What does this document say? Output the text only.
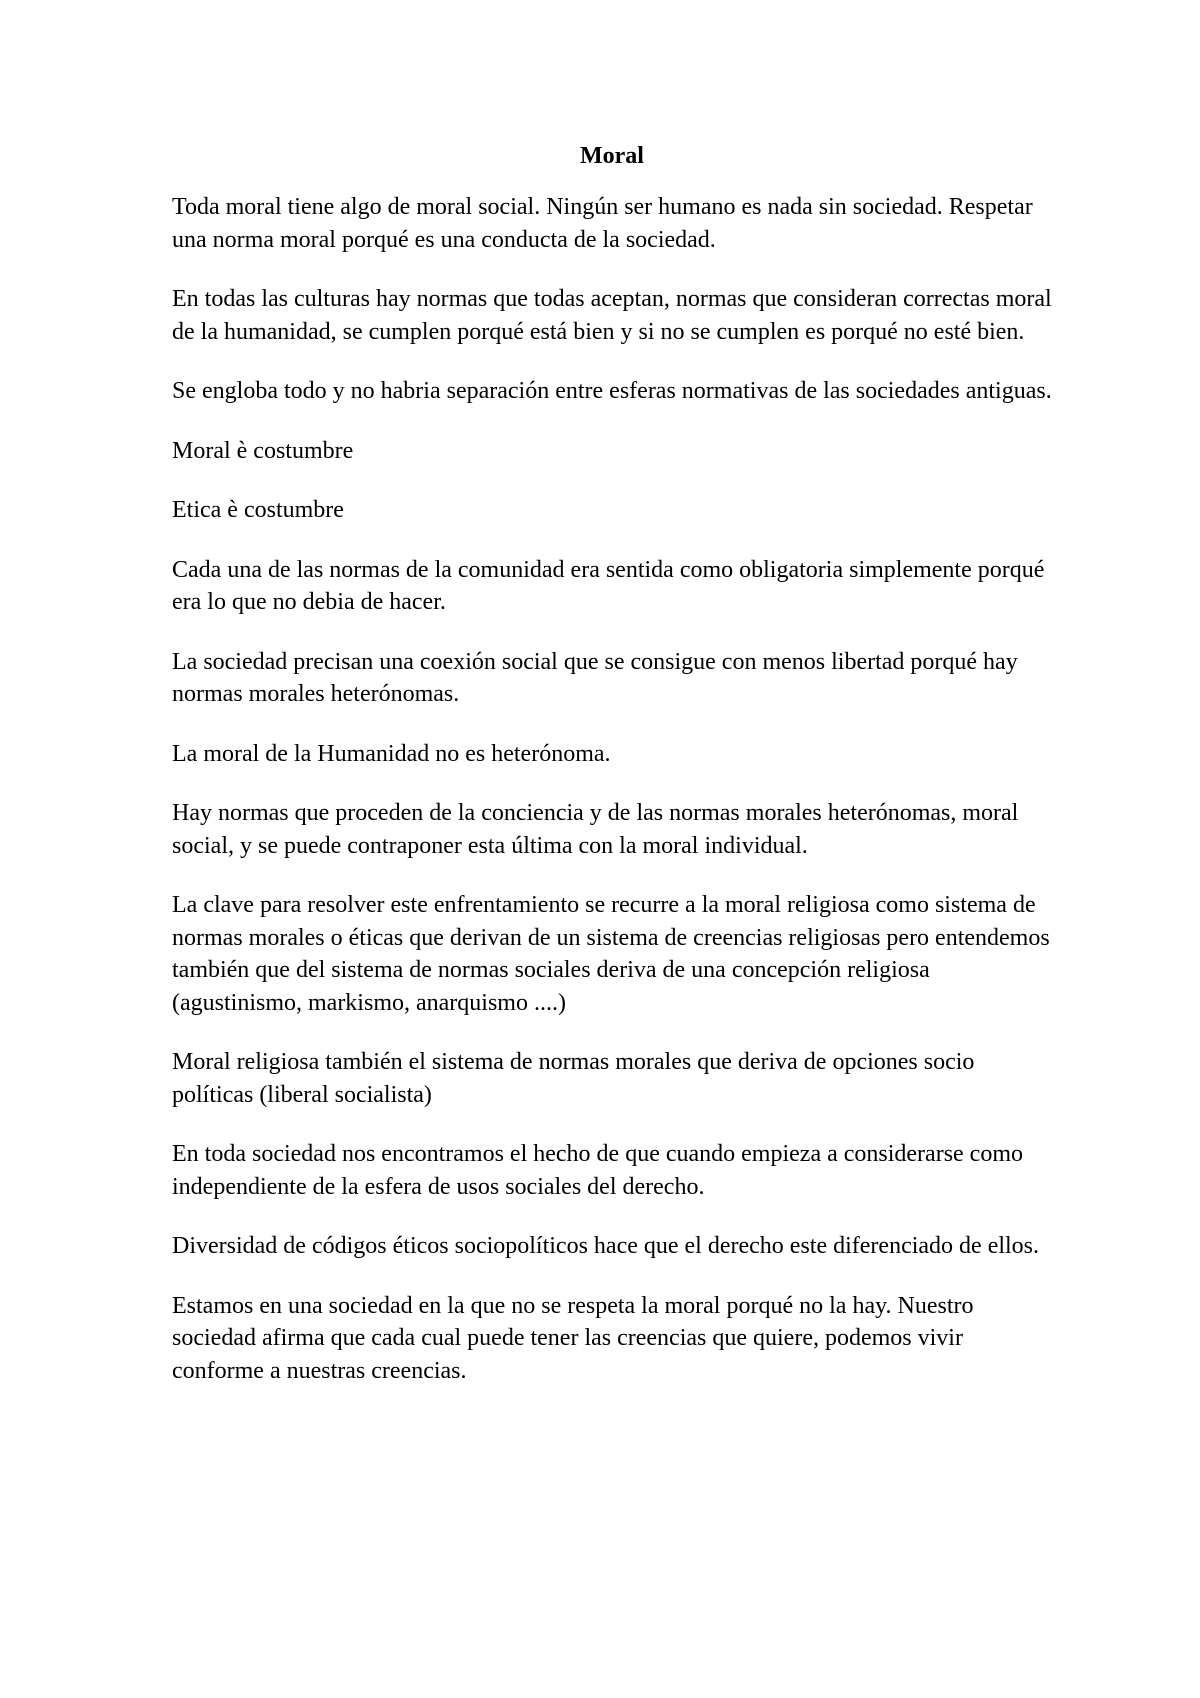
Moral

Toda moral tiene algo de moral social. Ningún ser humano es nada sin sociedad. Respetar una norma moral porqué es una conducta de la sociedad.

En todas las culturas hay normas que todas aceptan, normas que consideran correctas moral de la humanidad, se cumplen porqué está bien y si no se cumplen es porqué no esté bien.

Se engloba todo y no habria separación entre esferas normativas de las sociedades antiguas.

Moral è costumbre

Etica è costumbre

Cada una de las normas de la comunidad era sentida como obligatoria simplemente porqué era lo que no debia de hacer.

La sociedad precisan una coexión social que se consigue con menos libertad porqué hay normas morales heterónomas.

La moral de la Humanidad no es heterónoma.

Hay normas que proceden de la conciencia y de las normas morales heterónomas, moral social, y se puede contraponer esta última con la moral individual.

La clave para resolver este enfrentamiento se recurre a la moral religiosa como sistema de normas morales o éticas que derivan de un sistema de creencias religiosas pero entendemos también que del sistema de normas sociales deriva de una concepción religiosa (agustinismo, markismo, anarquismo ....)

Moral religiosa también el sistema de normas morales que deriva de opciones socio políticas (liberal socialista)

En toda sociedad nos encontramos el hecho de que cuando empieza a considerarse como independiente de la esfera de usos sociales del derecho.

Diversidad de códigos éticos sociopolíticos hace que el derecho este diferenciado de ellos.

Estamos en una sociedad en la que no se respeta la moral porqué no la hay. Nuestro sociedad afirma que cada cual puede tener las creencias que quiere, podemos vivir conforme a nuestras creencias.
